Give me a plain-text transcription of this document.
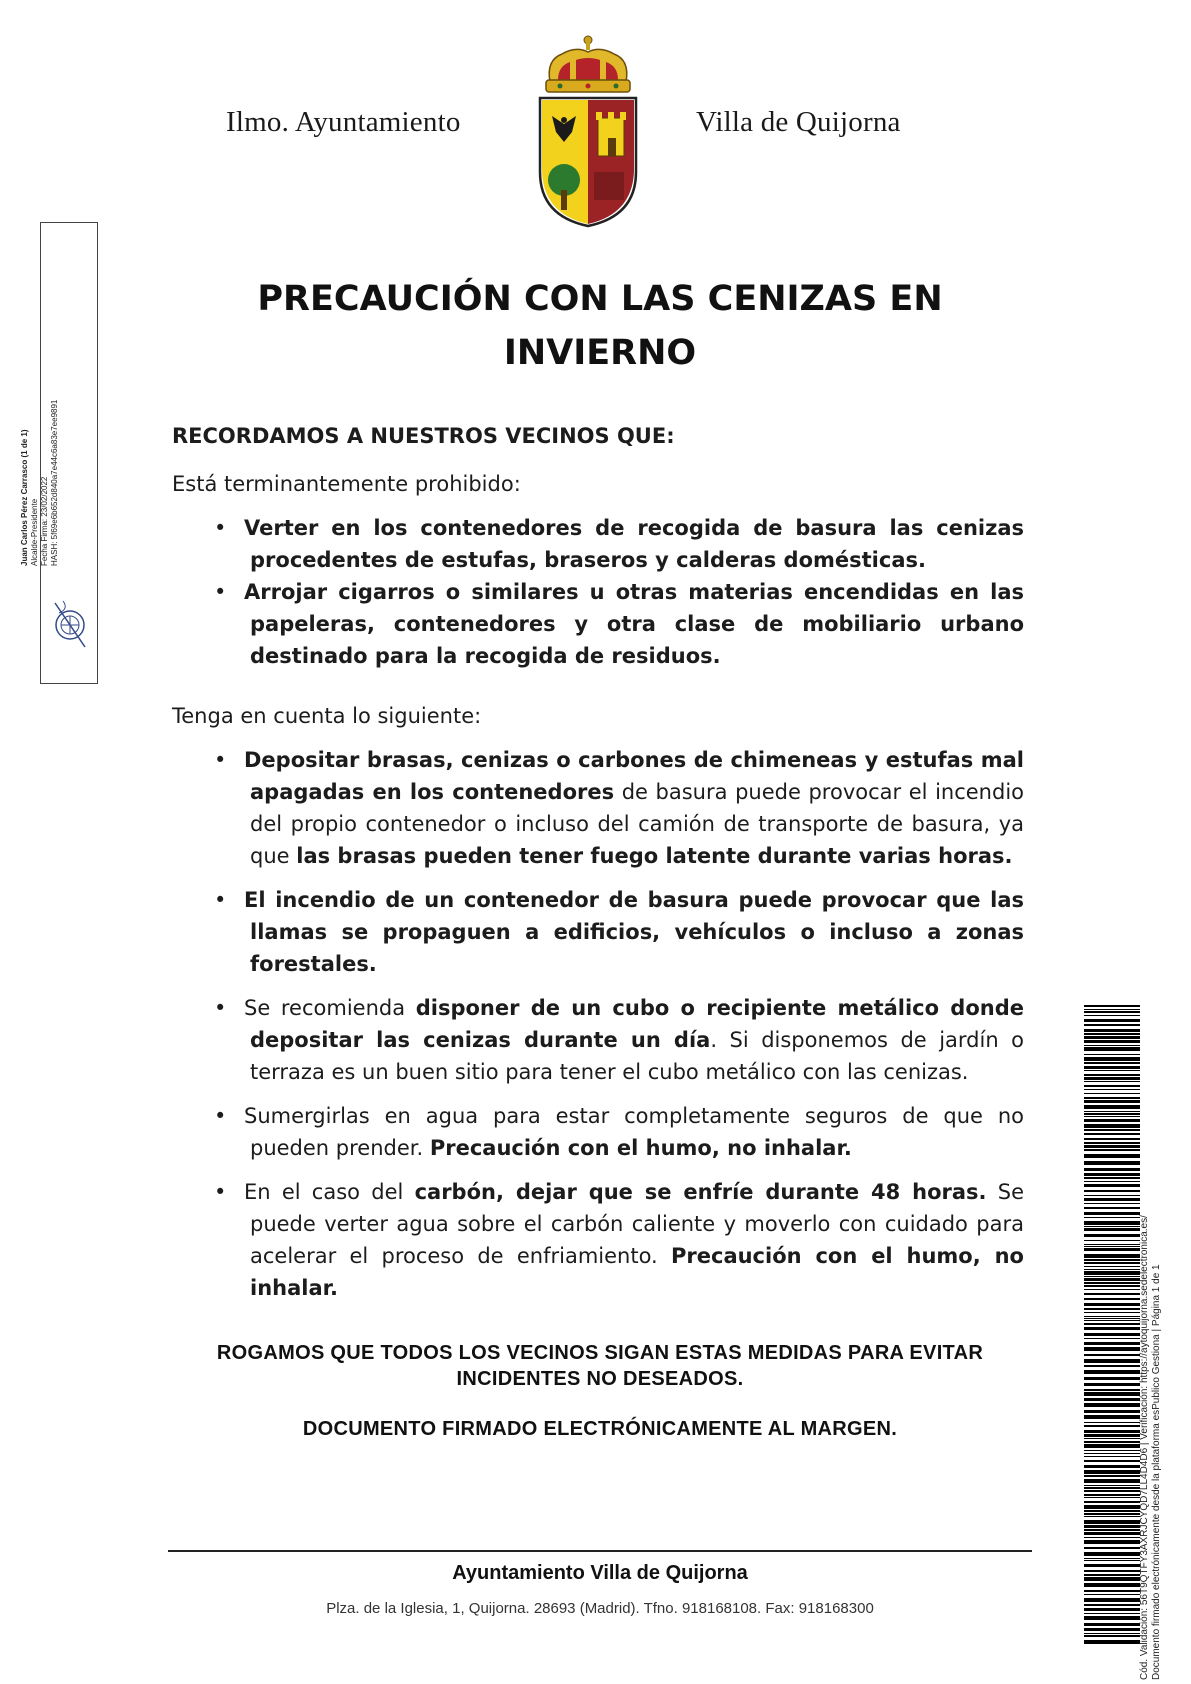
Ilmo. Ayuntamiento	Villa de Quijorna
Juan Carlos Pérez Carrasco (1 de 1) Alcalde-Presidente Fecha Firma: 23/02/2022 HASH: 5f69e6b652d840a7e44c6a83e7ee9891
PRECAUCIÓN CON LAS CENIZAS EN
INVIERNO
RECORDAMOS A NUESTROS VECINOS QUE:
Está terminantemente prohibido:
• Verter en los contenedores de recogida de basura las cenizas procedentes de estufas, braseros y calderas domésticas.
• Arrojar cigarros o similares u otras materias encendidas en las papeleras, contenedores y otra clase de mobiliario urbano destinado para la recogida de residuos.
Tenga en cuenta lo siguiente:
• Depositar brasas, cenizas o carbones de chimeneas y estufas mal apagadas en los contenedores de basura puede provocar el incendio del propio contenedor o incluso del camión de transporte de basura, ya que las brasas pueden tener fuego latente durante varias horas.
• El incendio de un contenedor de basura puede provocar que las llamas se propaguen a edificios, vehículos o incluso a zonas forestales.
• Se recomienda disponer de un cubo o recipiente metálico donde depositar las cenizas durante un día. Si disponemos de jardín o terraza es un buen sitio para tener el cubo metálico con las cenizas.
• Sumergirlas en agua para estar completamente seguros de que no pueden prender. Precaución con el humo, no inhalar.
• En el caso del carbón, dejar que se enfríe durante 48 horas. Se puede verter agua sobre el carbón caliente y moverlo con cuidado para acelerar el proceso de enfriamiento. Precaución con el humo, no inhalar.
ROGAMOS QUE TODOS LOS VECINOS SIGAN ESTAS MEDIDAS PARA EVITAR INCIDENTES NO DESEADOS.
DOCUMENTO FIRMADO ELECTRÓNICAMENTE AL MARGEN.
Ayuntamiento Villa de Quijorna
Plza. de la Iglesia, 1, Quijorna. 28693 (Madrid). Tfno. 918168108. Fax: 918168300	Cód. Validación: 56T9QTFY3AXRJCYQD7LL4D4D6 | Verificación: https://aytoquijorna.sedelectronica.es/ Documento firmado electrónicamente desde la plataforma esPublico Gestiona | Página 1 de 1
